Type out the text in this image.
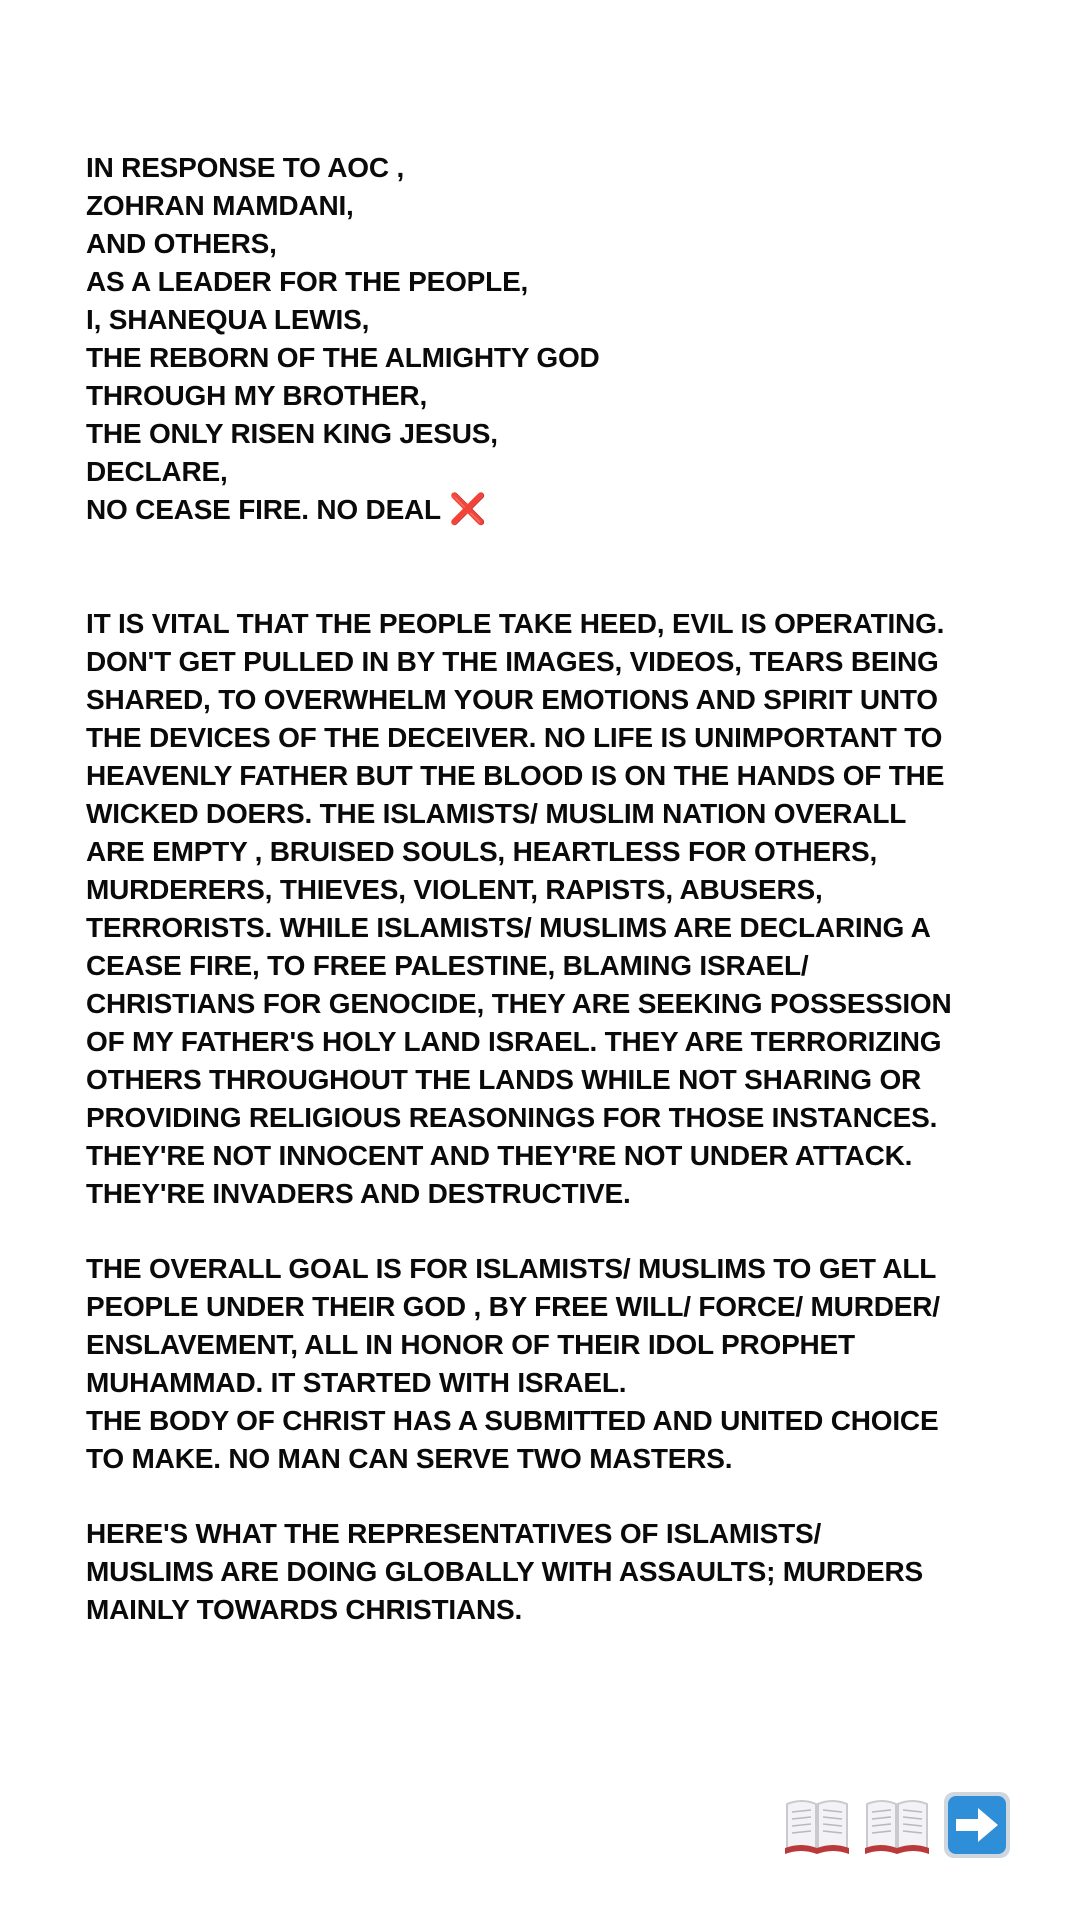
IN RESPONSE TO AOC ,

ZOHRAN MAMDANI,

AND OTHERS,

AS A LEADER FOR THE PEOPLE,

I, SHANEQUA LEWIS,

THE REBORN OF THE ALMIGHTY GOD

THROUGH MY BROTHER,

THE ONLY RISEN KING JESUS,

DECLARE,

NO CEASE FIRE. NO DEAL ❌

IT IS VITAL THAT THE PEOPLE TAKE HEED, EVIL IS OPERATING.

DON'T GET PULLED IN BY THE IMAGES, VIDEOS, TEARS BEING

SHARED, TO OVERWHELM YOUR EMOTIONS AND SPIRIT UNTO

THE DEVICES OF THE DECEIVER. NO LIFE IS UNIMPORTANT TO

HEAVENLY FATHER BUT THE BLOOD IS ON THE HANDS OF THE

WICKED DOERS. THE ISLAMISTS/ MUSLIM NATION OVERALL

ARE EMPTY , BRUISED SOULS, HEARTLESS FOR OTHERS,

MURDERERS, THIEVES, VIOLENT, RAPISTS, ABUSERS,

TERRORISTS. WHILE ISLAMISTS/ MUSLIMS ARE DECLARING A

CEASE FIRE, TO FREE PALESTINE, BLAMING ISRAEL/

CHRISTIANS FOR GENOCIDE, THEY ARE SEEKING POSSESSION

OF MY FATHER'S HOLY LAND ISRAEL. THEY ARE TERRORIZING

OTHERS THROUGHOUT THE LANDS WHILE NOT SHARING OR

PROVIDING RELIGIOUS REASONINGS FOR THOSE INSTANCES.

THEY'RE NOT INNOCENT AND THEY'RE NOT UNDER ATTACK.

THEY'RE INVADERS AND DESTRUCTIVE.

THE OVERALL GOAL IS FOR ISLAMISTS/ MUSLIMS TO GET ALL

PEOPLE UNDER THEIR GOD , BY FREE WILL/ FORCE/ MURDER/

ENSLAVEMENT, ALL IN HONOR OF THEIR IDOL PROPHET

MUHAMMAD. IT STARTED WITH ISRAEL.

THE BODY OF CHRIST HAS A SUBMITTED AND UNITED CHOICE

TO MAKE. NO MAN CAN SERVE TWO MASTERS.

HERE'S WHAT THE REPRESENTATIVES OF ISLAMISTS/

MUSLIMS ARE DOING GLOBALLY WITH ASSAULTS; MURDERS

MAINLY TOWARDS CHRISTIANS.
